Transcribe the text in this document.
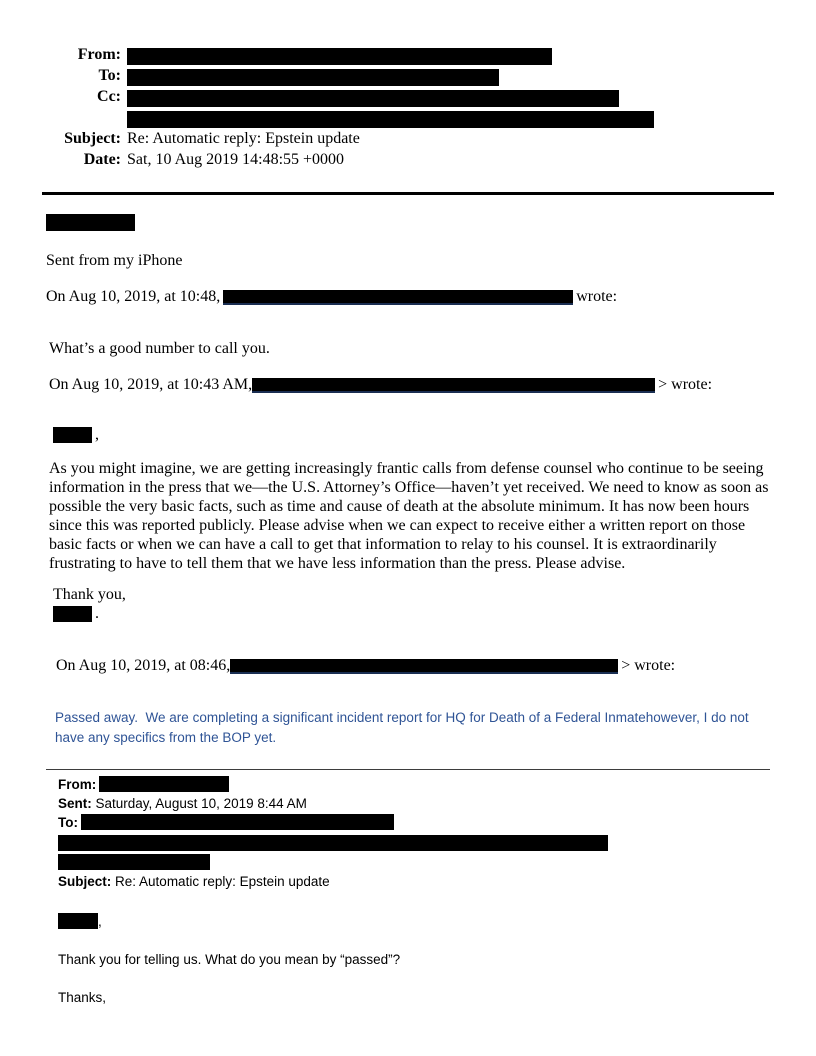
From:
To:
Cc:
Subject: Re: Automatic reply: Epstein update
Date: Sat, 10 Aug 2019 14:48:55 +0000

Sent from my iPhone

On Aug 10, 2019, at 10:48,	wrote:

What’s a good number to call you.

On Aug 10, 2019, at 10:43 AM,	> wrote:

,

As you might imagine, we are getting increasingly frantic calls from defense counsel who continue to be seeing information in the press that we—the U.S. Attorney’s Office—haven’t yet received. We need to know as soon as possible the very basic facts, such as time and cause of death at the absolute minimum. It has now been hours since this was reported publicly. Please advise when we can expect to receive either a written report on those basic facts or when we can have a call to get that information to relay to his counsel. It is extraordinarily frustrating to have to tell them that we have less information than the press. Please advise.

Thank you,

.

On Aug 10, 2019, at 08:46,	> wrote:

Passed away.  We are completing a significant incident report for HQ for Death of a Federal Inmatehowever, I do not have any specifics from the BOP yet.

From:
Sent: Saturday, August 10, 2019 8:44 AM
To:
Subject: Re: Automatic reply: Epstein update

,

Thank you for telling us. What do you mean by “passed”?

Thanks,
